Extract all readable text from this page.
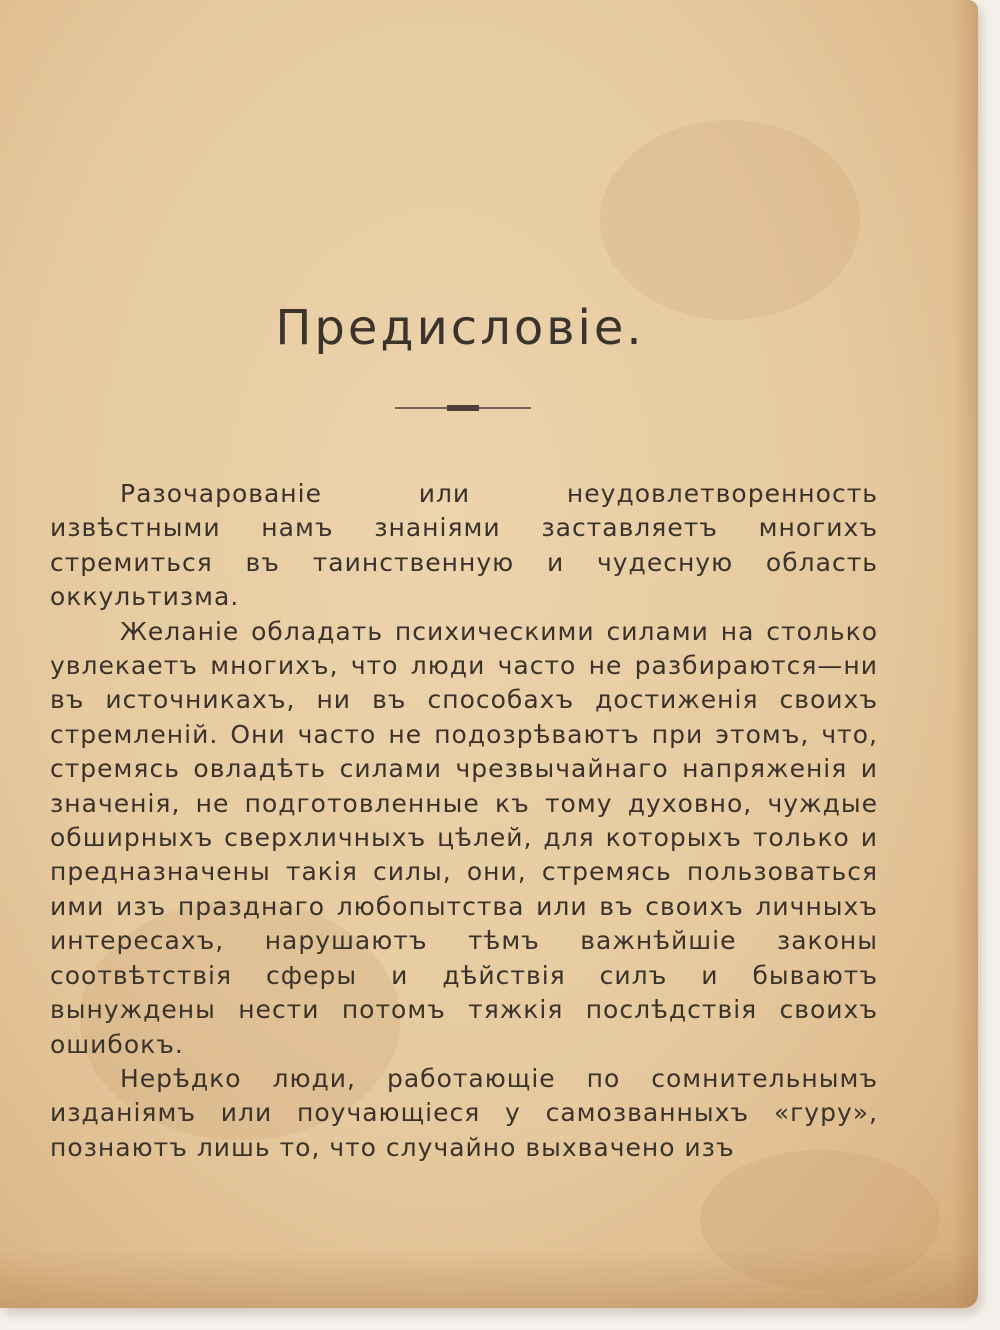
Предисловіе.

Разочарованіе или неудовлетворенность извѣстными намъ знаніями заставляетъ многихъ стремиться въ таинственную и чудесную область оккультизма.

Желаніе обладать психическими силами на столько увлекаетъ многихъ, что люди часто не разбираются—ни въ источникахъ, ни въ способахъ достиженія своихъ стремленій. Они часто не подозрѣваютъ при этомъ, что, стремясь овладѣть силами чрезвычайнаго напряженія и значенія, не подготовленные къ тому духовно, чуждые обширныхъ сверхличныхъ цѣлей, для которыхъ только и предназначены такія силы, они, стремясь пользоваться ими изъ празднаго любопытства или въ своихъ личныхъ интересахъ, нарушаютъ тѣмъ важнѣйшіе законы соотвѣтствія сферы и дѣйствія силъ и бываютъ вынуждены нести потомъ тяжкія послѣдствія своихъ ошибокъ.

Нерѣдко люди, работающіе по сомнительнымъ изданіямъ или поучающіеся у самозванныхъ «гуру», познаютъ лишь то, что случайно выхвачено изъ
